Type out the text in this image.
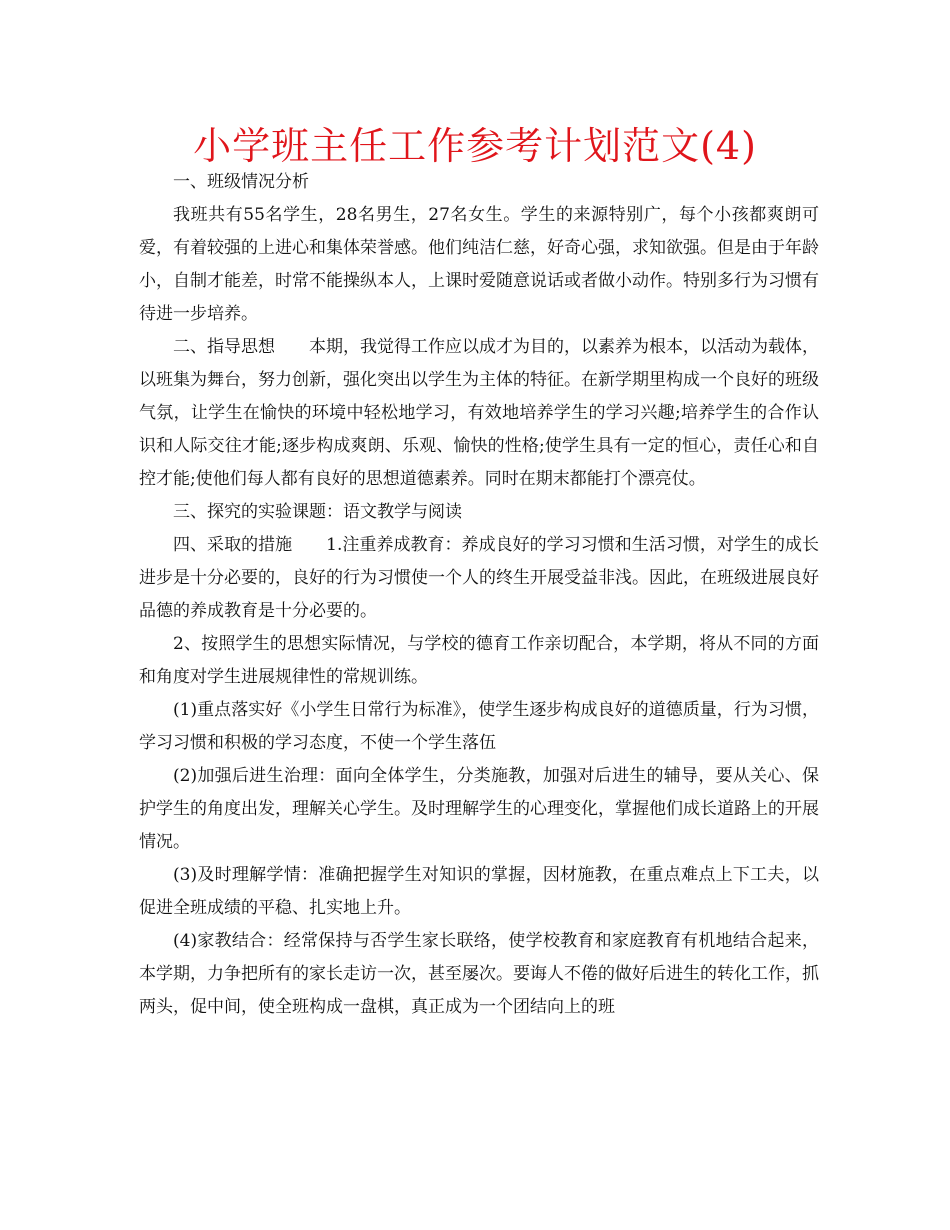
小学班主任工作参考计划范文(4)

一、班级情况分析

我班共有55名学生，28名男生，27名女生。学生的来源特别广，每个小孩都爽朗可爱，有着较强的上进心和集体荣誉感。他们纯洁仁慈，好奇心强，求知欲强。但是由于年龄小，自制才能差，时常不能操纵本人，上课时爱随意说话或者做小动作。特别多行为习惯有待进一步培养。

二、指导思想 本期，我觉得工作应以成才为目的，以素养为根本，以活动为载体，以班集为舞台，努力创新，强化突出以学生为主体的特征。在新学期里构成一个良好的班级气氛，让学生在愉快的环境中轻松地学习，有效地培养学生的学习兴趣;培养学生的合作认识和人际交往才能;逐步构成爽朗、乐观、愉快的性格;使学生具有一定的恒心，责任心和自控才能;使他们每人都有良好的思想道德素养。同时在期末都能打个漂亮仗。

三、探究的实验课题：语文教学与阅读

四、采取的措施 1.注重养成教育：养成良好的学习习惯和生活习惯，对学生的成长进步是十分必要的，良好的行为习惯使一个人的终生开展受益非浅。因此，在班级进展良好品德的养成教育是十分必要的。

2、按照学生的思想实际情况，与学校的德育工作亲切配合，本学期，将从不同的方面和角度对学生进展规律性的常规训练。

(1)重点落实好《小学生日常行为标准》，使学生逐步构成良好的道德质量，行为习惯，学习习惯和积极的学习态度，不使一个学生落伍

(2)加强后进生治理：面向全体学生，分类施教，加强对后进生的辅导，要从关心、保护学生的角度出发，理解关心学生。及时理解学生的心理变化，掌握他们成长道路上的开展情况。

(3)及时理解学情：准确把握学生对知识的掌握，因材施教，在重点难点上下工夫，以促进全班成绩的平稳、扎实地上升。

(4)家教结合：经常保持与否学生家长联络，使学校教育和家庭教育有机地结合起来，本学期，力争把所有的家长走访一次，甚至屡次。要诲人不倦的做好后进生的转化工作，抓两头，促中间，使全班构成一盘棋，真正成为一个团结向上的班
